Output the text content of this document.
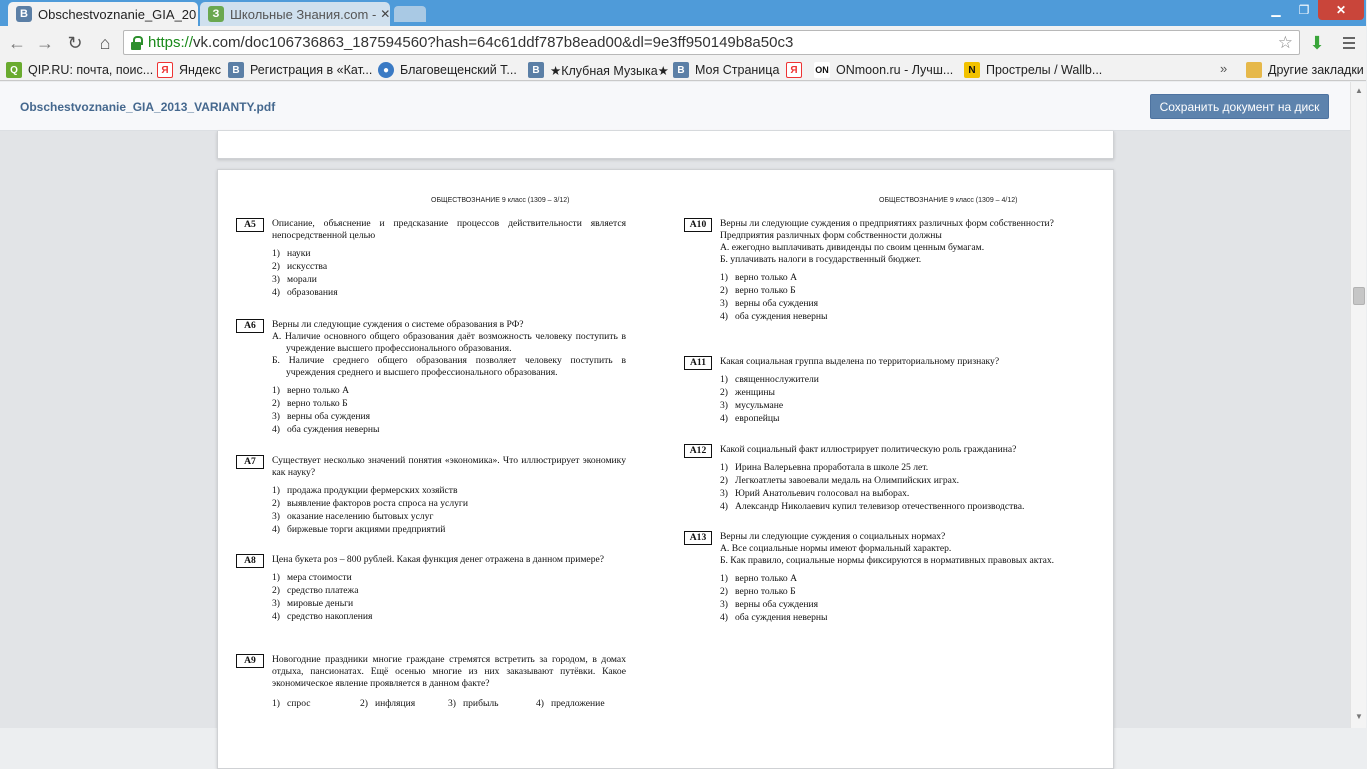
В Obschestvoznanie_GIA_20	З Школьные Знания.com - ✕	▁	❐	✕
← → ↻ ⌂	https:// vk.com/doc106736863_187594560?hash=64c61ddf787b8ead00&dl=9e3ff950149b8a50c3	☆ ⬇
Q QIP.RU: почта, поис... Я Яндекс	В Регистрация в «Кат...	● Благовещенский Т...	В ★Клубная Музыка★ В Моя Страница	Я	ON ONmoon.ru - Лучш...	N Прострелы / Wallb...	»	Другие закладки
Obschestvoznanie_GIA_2013_VARIANTY.pdf	Сохранить документ на диск
ОБЩЕСТВОЗНАНИЕ 9 класс (1309 – 3/12)	ОБЩЕСТВОЗНАНИЕ 9 класс (1309 – 4/12)
A5	Описание, объяснение и предсказание процессов действительности является непосредственной целью
1) науки
2) искусства
3) морали
4) образования
A6	Верны ли следующие суждения о системе образования в РФ?
А. Наличие основного общего образования даёт возможность человеку поступить в учреждение высшего профессионального образования.
Б. Наличие среднего общего образования позволяет человеку поступить в учреждения среднего и высшего профессионального образования.
1) верно только А
2) верно только Б
3) верны оба суждения
4) оба суждения неверны
A7	Существует несколько значений понятия «экономика». Что иллюстрирует экономику как науку?
1) продажа продукции фермерских хозяйств
2) выявление факторов роста спроса на услуги
3) оказание населению бытовых услуг
4) биржевые торги акциями предприятий
A8	Цена букета роз – 800 рублей. Какая функция денег отражена в данном примере?
1) мера стоимости
2) средство платежа
3) мировые деньги
4) средство накопления
A9	Новогодние праздники многие граждане стремятся встретить за городом, в домах отдыха, пансионатах. Ещё осенью многие из них заказывают путёвки. Какое экономическое явление проявляется в данном факте?
1) спрос	2) инфляция	3) прибыль	4) предложение
A10	Верны ли следующие суждения о предприятиях различных форм собственности?
Предприятия различных форм собственности должны
А. ежегодно выплачивать дивиденды по своим ценным бумагам.
Б. уплачивать налоги в государственный бюджет.
1) верно только А
2) верно только Б
3) верны оба суждения
4) оба суждения неверны
A11	Какая социальная группа выделена по территориальному признаку?
1) священнослужители
2) женщины
3) мусульмане
4) европейцы
A12	Какой социальный факт иллюстрирует политическую роль гражданина?
1) Ирина Валерьевна проработала в школе 25 лет.
2) Легкоатлеты завоевали медаль на Олимпийских играх.
3) Юрий Анатольевич голосовал на выборах.
4) Александр Николаевич купил телевизор отечественного производства.
A13	Верны ли следующие суждения о социальных нормах?
А. Все социальные нормы имеют формальный характер.
Б. Как правило, социальные нормы фиксируются в нормативных правовых актах.
1) верно только А
2) верно только Б
3) верны оба суждения
4) оба суждения неверны
▲
▼
